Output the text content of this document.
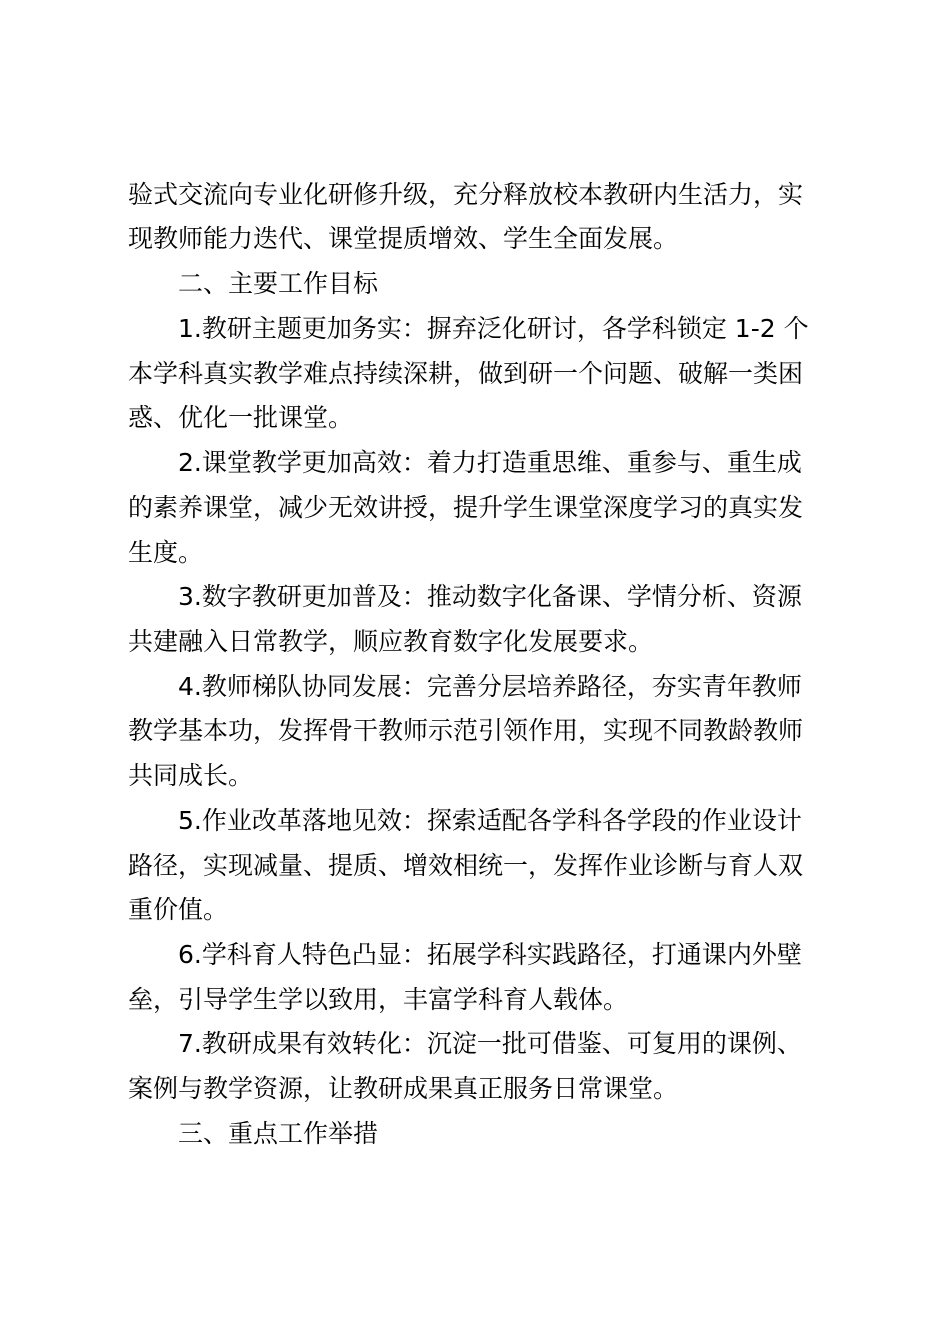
验式交流向专业化研修升级，充分释放校本教研内生活力，实
现教师能力迭代、课堂提质增效、学生全面发展。
二、主要工作目标
1.教研主题更加务实：摒弃泛化研讨，各学科锁定 1-2 个
本学科真实教学难点持续深耕，做到研一个问题、破解一类困
惑、优化一批课堂。
2.课堂教学更加高效：着力打造重思维、重参与、重生成
的素养课堂，减少无效讲授，提升学生课堂深度学习的真实发
生度。
3.数字教研更加普及：推动数字化备课、学情分析、资源
共建融入日常教学，顺应教育数字化发展要求。
4.教师梯队协同发展：完善分层培养路径，夯实青年教师
教学基本功，发挥骨干教师示范引领作用，实现不同教龄教师
共同成长。
5.作业改革落地见效：探索适配各学科各学段的作业设计
路径，实现减量、提质、增效相统一，发挥作业诊断与育人双
重价值。
6.学科育人特色凸显：拓展学科实践路径，打通课内外壁
垒，引导学生学以致用，丰富学科育人载体。
7.教研成果有效转化：沉淀一批可借鉴、可复用的课例、
案例与教学资源，让教研成果真正服务日常课堂。
三、重点工作举措
